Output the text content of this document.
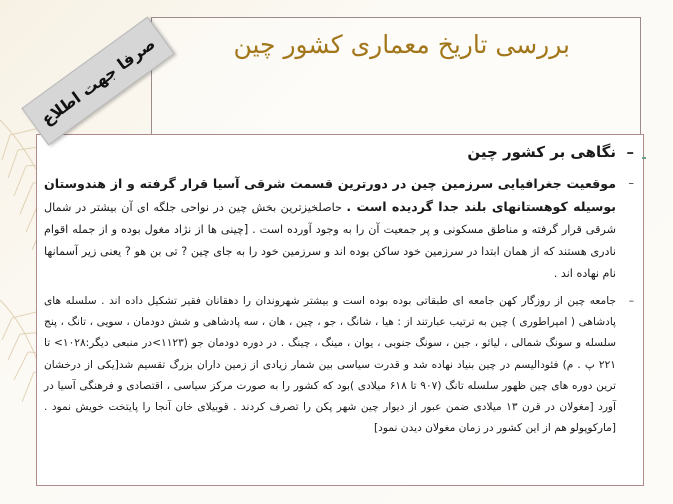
بررسی تاریخ معماری کشور چین
صرفا جهت اطلاع
– نگاهی بر کشور چین
– موقعیت جغرافیایی سرزمین چین در دورترین قسمت شرقی آسیا قرار گرفته و از هندوستان بوسیله کوهستانهای بلند جدا گردیده است . حاصلخیزترین بخش چین در نواحی جلگه ای آن بیشتر در شمال شرقی قرار گرفته و مناطق مسکونی و پر جمعیت آن را به وجود آورده است . [چینی ها از نژاد مغول بوده و از جمله اقوام نادری هستند که از همان ابتدا در سرزمین خود ساکن بوده اند و سرزمین خود را به جای چین ? تی بن هو ? یعنی زیر آسمانها نام نهاده اند .
– جامعه چین از روزگار کهن جامعه ای طبقاتی بوده بوده است و بیشتر شهروندان را دهقانان فقیر تشکیل داده اند . سلسله های پادشاهی ( امپراطوری ) چین به ترتیب عبارتند از : هیا ، شانگ ، جو ، چین ، هان ، سه پادشاهی و شش دودمان ، سویی ، تانگ ، پنج سلسله و سونگ شمالی ، لیائو ، جین ، سونگ جنوبی ، یوان ، مینگ ، چینگ . در دوره دودمان جو (۱۱۲۳>در منبعی دیگر:۱۰۲۸> تا ۲۲۱ پ . م) فئودالیسم در چین بنیاد نهاده شد و قدرت سیاسی بین شمار زیادی از زمین داران بزرگ تقسیم شد[یکی از درخشان ترین دوره های چین ظهور سلسله تانگ (۹۰۷ تا ۶۱۸ میلادی )بود که کشور را به صورت مرکز سیاسی ، اقتصادی و فرهنگی آسیا در آورد [مغولان در قرن ۱۳ میلادی ضمن عبور از دیوار چین شهر پکن را تصرف کردند . قوبیلای خان آنجا را پایتخت خویش نمود . [مارکوپولو هم از این کشور در زمان مغولان دیدن نمود]
